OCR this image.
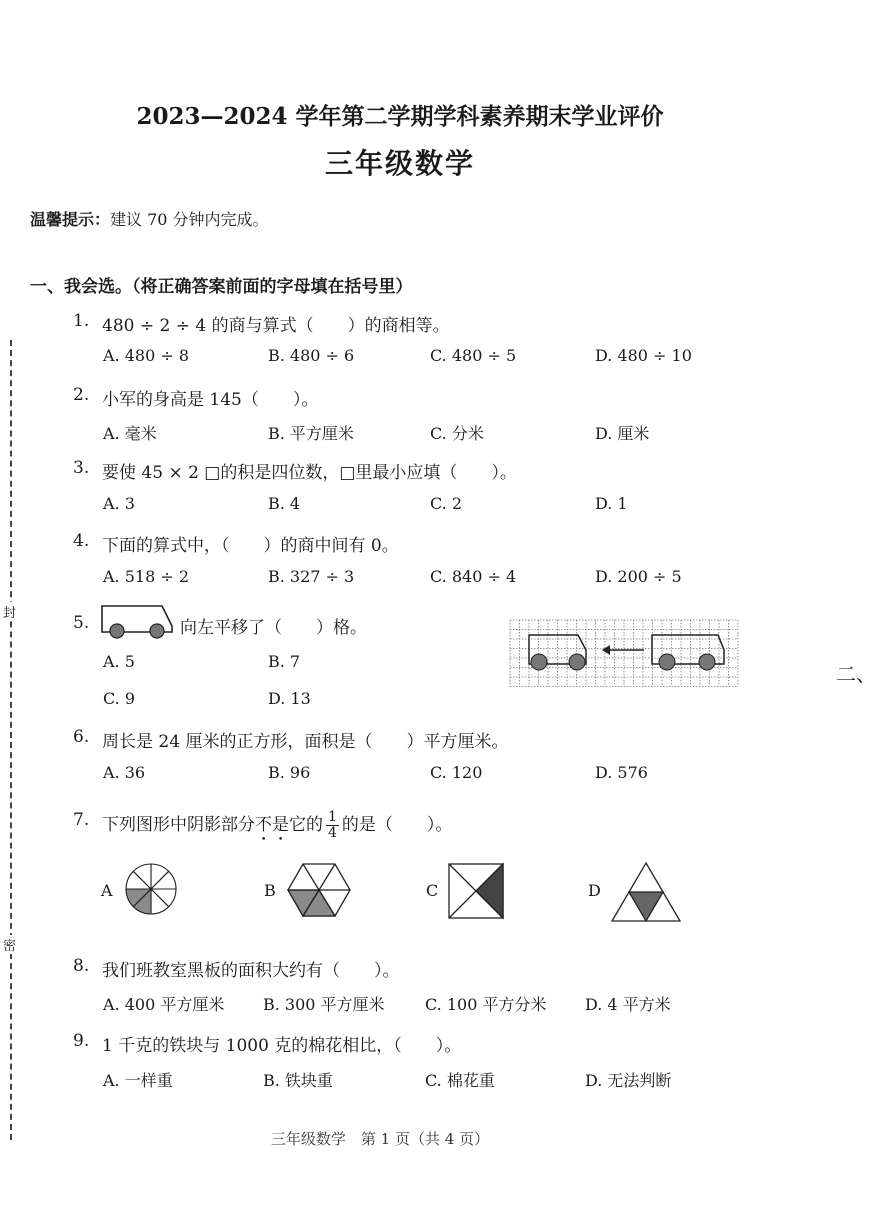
封
密
二、
2023—2024 学年第二学期学科素养期末学业评价
三年级数学
温馨提示：建议 70 分钟内完成。
一、我会选。（将正确答案前面的字母填在括号里）
1. 480 ÷ 2 ÷ 4 的商与算式（　　）的商相等。
A. 480 ÷ 8	B. 480 ÷ 6	C. 480 ÷ 5	D. 480 ÷ 10
2. 小军的身高是 145（　　）。
A. 毫米	B. 平方厘米	C. 分米	D. 厘米
3. 要使 45 × 2 □的积是四位数，□里最小应填（　　）。
A. 3	B. 4	C. 2	D. 1
4. 下面的算式中，（　　）的商中间有 0。
A. 518 ÷ 2	B. 327 ÷ 3	C. 840 ÷ 4	D. 200 ÷ 5
5.	向左平移了（　　）格。
A. 5	B. 7
C. 9	D. 13
6. 周长是 24 厘米的正方形，面积是（　　）平方厘米。
A. 36	B. 96	C. 120	D. 576
7. 下列图形中阴影部分不是它的 $\frac{1}{4}$ 的是（　　）。
A	B	C	D
8. 我们班教室黑板的面积大约有（　　）。
A. 400 平方厘米 B. 300 平方厘米	C. 100 平方分米 D. 4 平方米
9. 1 千克的铁块与 1000 克的棉花相比，（　　）。
A. 一样重	B. 铁块重	C. 棉花重	D. 无法判断
三年级数学　第 1 页（共 4 页）
